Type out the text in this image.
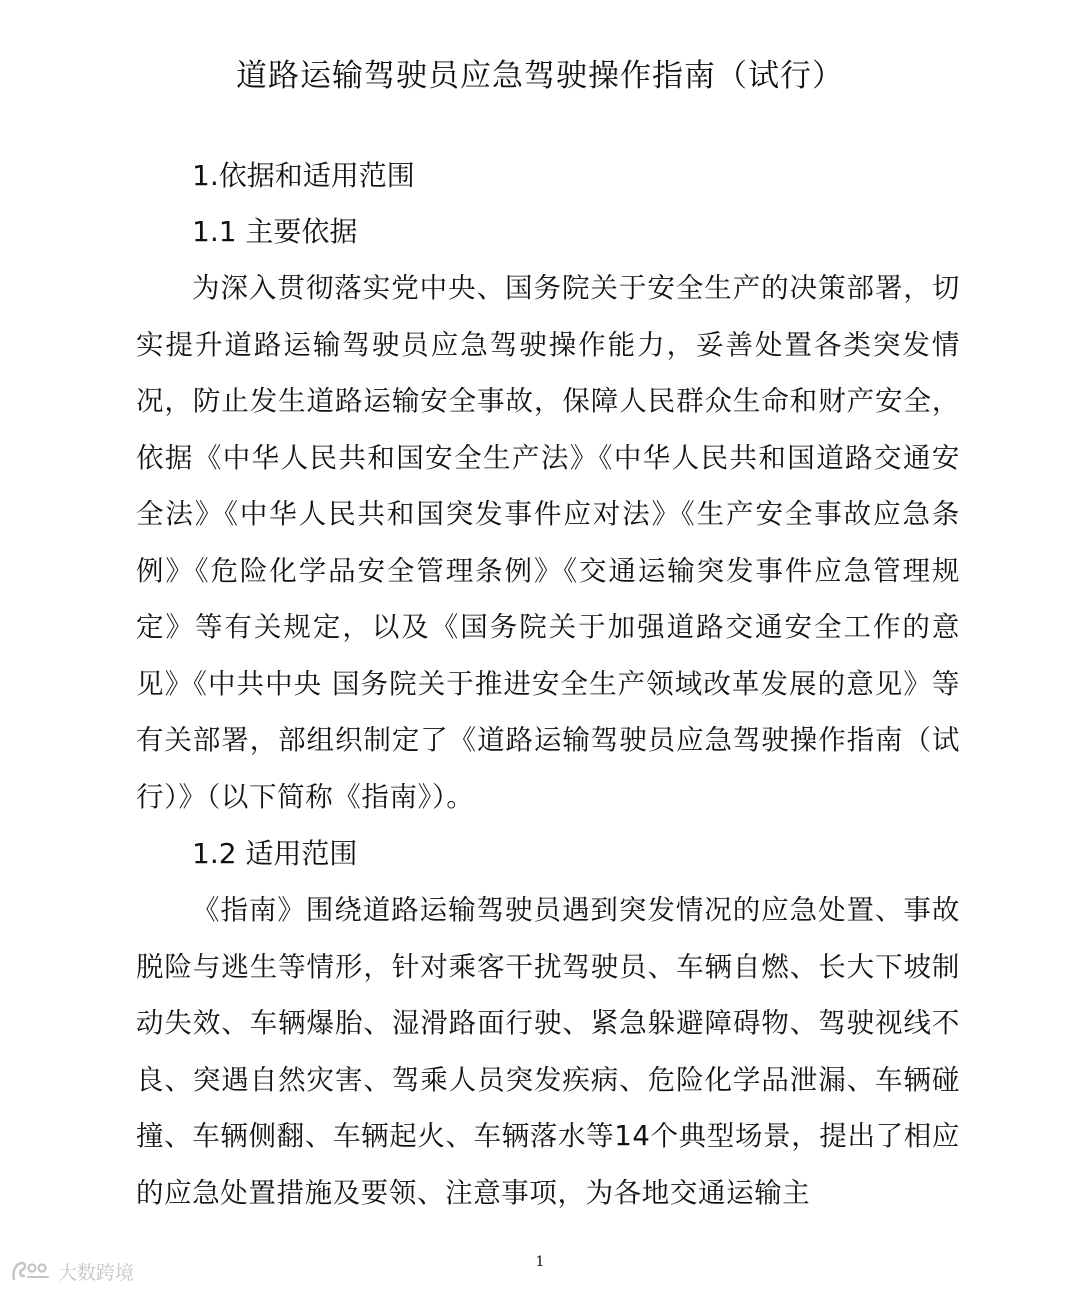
道路运输驾驶员应急驾驶操作指南（试行）
1.依据和适用范围
1.1 主要依据

为深入贯彻落实党中央、国务院关于安全生产的决策部署，切实提升道路运输驾驶员应急驾驶操作能力，妥善处置各类突发情况，防止发生道路运输安全事故，保障人民群众生命和财产安全，依据《中华人民共和国安全生产法》《中华人民共和国道路交通安全法》《中华人民共和国突发事件应对法》《生产安全事故应急条例》《危险化学品安全管理条例》《交通运输突发事件应急管理规定》等有关规定，以及《国务院关于加强道路交通安全工作的意见》《中共中央 国务院关于推进安全生产领域改革发展的意见》等有关部署，部组织制定了《道路运输驾驶员应急驾驶操作指南（试行）》（以下简称《指南》）。

1.2 适用范围

《指南》围绕道路运输驾驶员遇到突发情况的应急处置、事故脱险与逃生等情形，针对乘客干扰驾驶员、车辆自燃、长大下坡制动失效、车辆爆胎、湿滑路面行驶、紧急躲避障碍物、驾驶视线不良、突遇自然灾害、驾乘人员突发疾病、危险化学品泄漏、车辆碰撞、车辆侧翻、车辆起火、车辆落水等14个典型场景，提出了相应的应急处置措施及要领、注意事项，为各地交通运输主

1
大数跨境
